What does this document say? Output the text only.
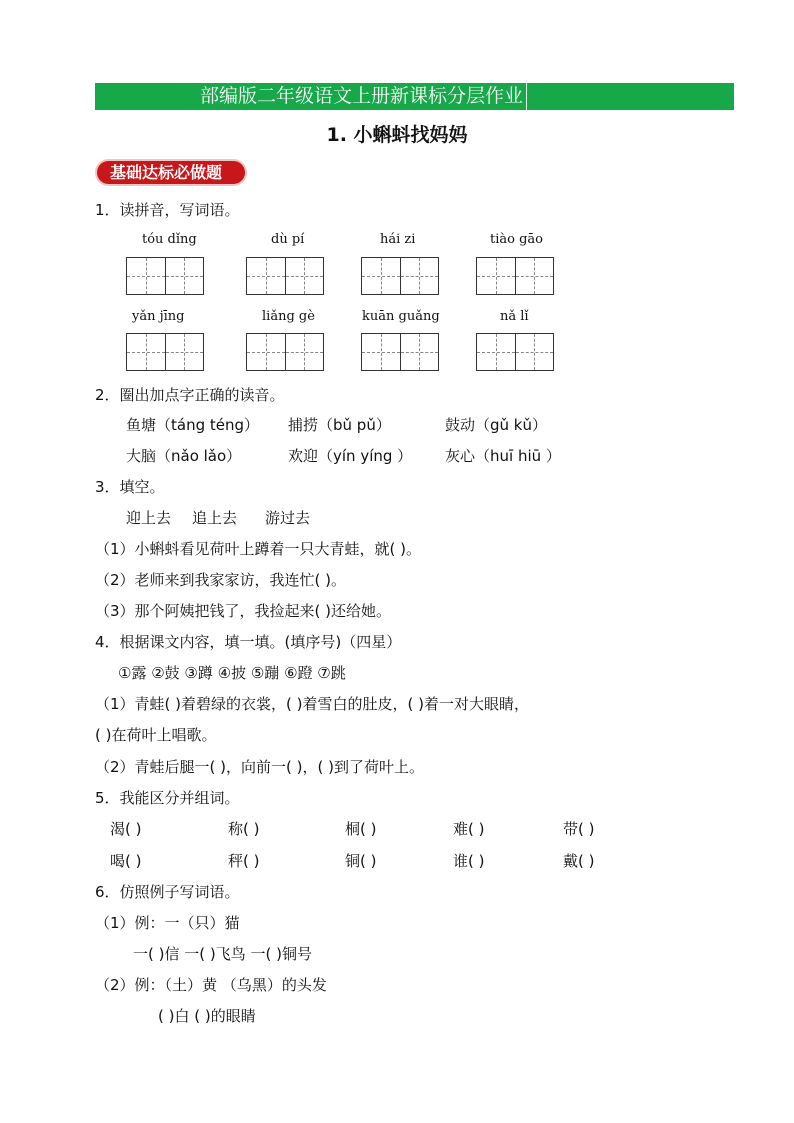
部编版二年级语文上册新课标分层作业
1. 小蝌蚪找妈妈
基础达标必做题
1．读拼音，写词语。
tóu dǐng	dù pí	hái zi	tiào gāo
yǎn jīng	liǎng gè	kuān guǎng	nǎ lǐ
2．圈出加点字正确的读音。
鱼塘（táng téng） 捕捞（bǔ pǔ）	鼓动（gǔ kǔ）
大脑（nǎo lǎo）	欢迎（yín yíng ） 灰心（huī hiū ）
3．填空。
迎上去 追上去 游过去
（1）小蝌蚪看见荷叶上蹲着一只大青蛙，就( )。
（2）老师来到我家家访，我连忙( )。
（3）那个阿姨把钱了，我捡起来( )还给她。
4．根据课文内容，填一填。(填序号)（四星）
①露 ②鼓 ③蹲 ④披 ⑤蹦 ⑥蹬 ⑦跳
（1）青蛙( )着碧绿的衣裳，( )着雪白的肚皮，( )着一对大眼睛，
( )在荷叶上唱歌。
（2）青蛙后腿一( )，向前一( )，( )到了荷叶上。
5．我能区分并组词。
渴( )	称( )	桐( )	难( )	带( )
喝( )	秤( )	铜( )	谁( )	戴( )
6．仿照例子写词语。
（1）例：一（只）猫
一( )信 一( )飞鸟 一( )铜号
（2）例：（土）黄 （乌黑）的头发
( )白 ( )的眼睛
